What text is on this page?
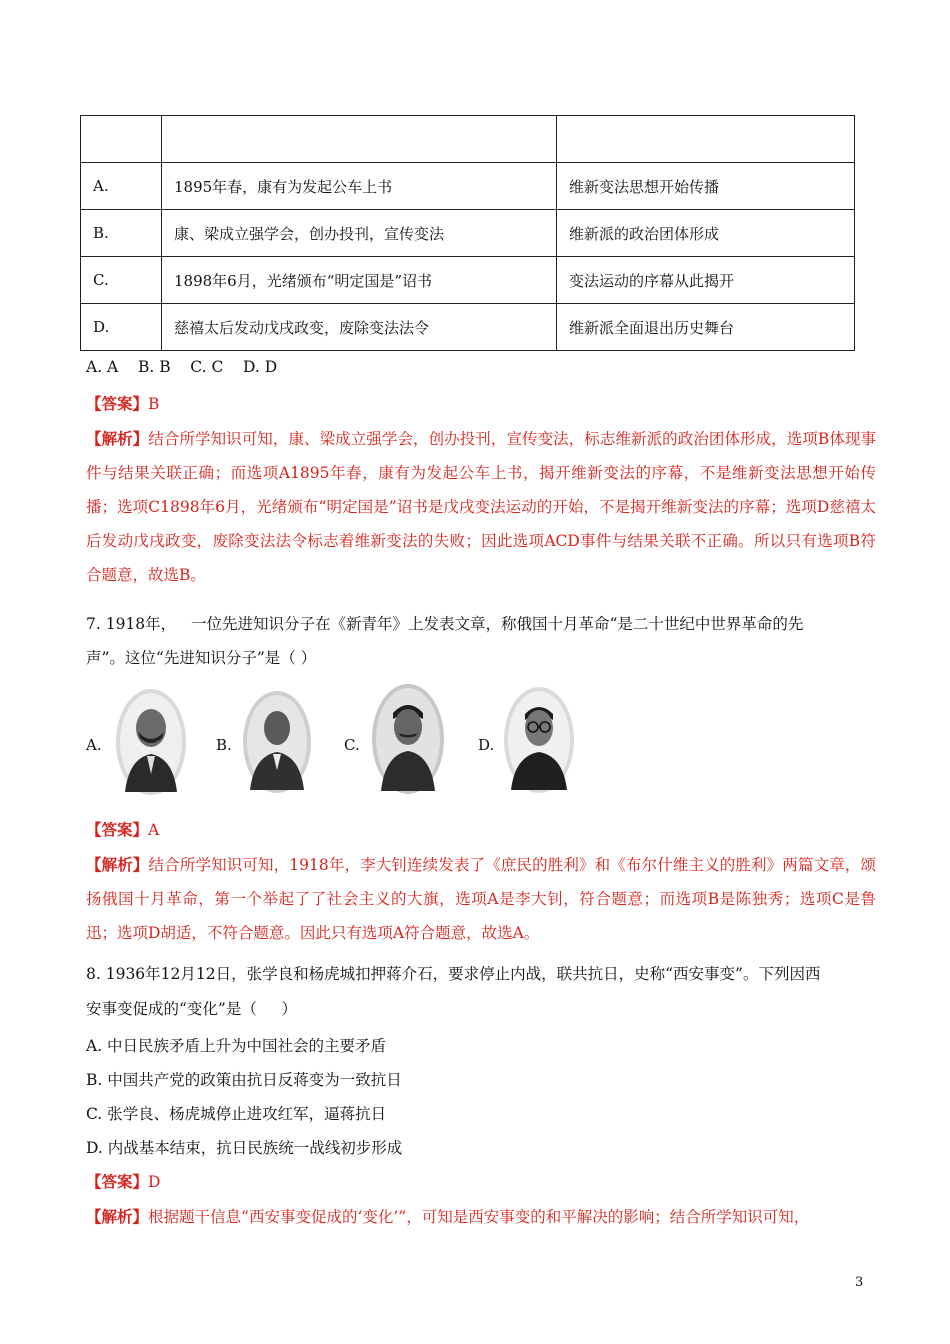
A.	1895年春，康有为发起公车上书	维新变法思想开始传播
B.	康、梁成立强学会，创办投刊，宣传变法	维新派的政治团体形成
C.	1898年6月，光绪颁布“明定国是”诏书	变法运动的序幕从此揭开
D.	慈禧太后发动戊戌政变，废除变法法令	维新派全面退出历史舞台
A. A    B. B    C. C    D. D
【答案】B
【解析】结合所学知识可知，康、梁成立强学会，创办投刊，宣传变法，标志维新派的政治团体形成，选项B体现事件与结果关联正确；而选项A1895年春，康有为发起公车上书，揭开维新变法的序幕，不是维新变法思想开始传播；选项C1898年6月，光绪颁布“明定国是”诏书是戊戌变法运动的开始，不是揭开维新变法的序幕；选项D慈禧太后发动戊戌政变，废除变法法令标志着维新变法的失败；因此选项ACD事件与结果关联不正确。所以只有选项B符合题意，故选B。
7. 1918年，   一位先进知识分子在《新青年》上发表文章，称俄国十月革命“是二十世纪中世界革命的先
声”。这位“先进知识分子”是（ ）
A.	B.	C.	D.
【答案】A
【解析】结合所学知识可知，1918年，李大钊连续发表了《庶民的胜利》和《布尔什维主义的胜利》两篇文章，颂扬俄国十月革命，第一个举起了了社会主义的大旗，选项A是李大钊，符合题意；而选项B是陈独秀；选项C是鲁迅；选项D胡适，不符合题意。因此只有选项A符合题意，故选A。
8. 1936年12月12日，张学良和杨虎城扣押蒋介石，要求停止内战，联共抗日，史称“西安事变”。下列因西
安事变促成的“变化”是（     ）
A. 中日民族矛盾上升为中国社会的主要矛盾
B. 中国共产党的政策由抗日反蒋变为一致抗日
C. 张学良、杨虎城停止进攻红军，逼蒋抗日
D. 内战基本结束，抗日民族统一战线初步形成
【答案】D
【解析】根据题干信息“西安事变促成的‘变化’”，可知是西安事变的和平解决的影响；结合所学知识可知，
3
